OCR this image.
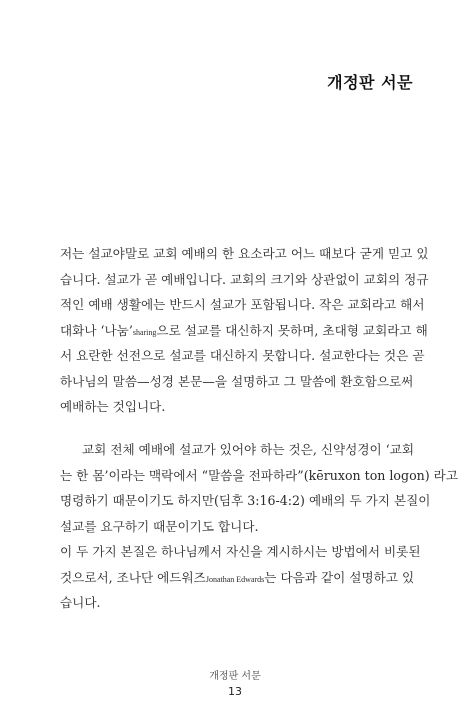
개정판 서문
저는 설교야말로 교회 예배의 한 요소라고 어느 때보다 굳게 믿고 있
습니다. 설교가 곧 예배입니다. 교회의 크기와 상관없이 교회의 정규
적인 예배 생활에는 반드시 설교가 포함됩니다. 작은 교회라고 해서
대화나 ‘나눔’sharing으로 설교를 대신하지 못하며, 초대형 교회라고 해
서 요란한 선전으로 설교를 대신하지 못합니다. 설교한다는 것은 곧
하나님의 말씀—성경 본문—을 설명하고 그 말씀에 환호함으로써
예배하는 것입니다.
교회 전체 예배에 설교가 있어야 하는 것은, 신약성경이 ‘교회
는 한 몸’이라는 맥락에서 “말씀을 전파하라”(kēruxon ton logon) 라고
명령하기 때문이기도 하지만(딤후 3:16-4:2) 예배의 두 가지 본질이
설교를 요구하기 때문이기도 합니다.
이 두 가지 본질은 하나님께서 자신을 계시하시는 방법에서 비롯된
것으로서, 조나단 에드워즈Jonathan Edwards는 다음과 같이 설명하고 있
습니다.
개정판 서문
13
